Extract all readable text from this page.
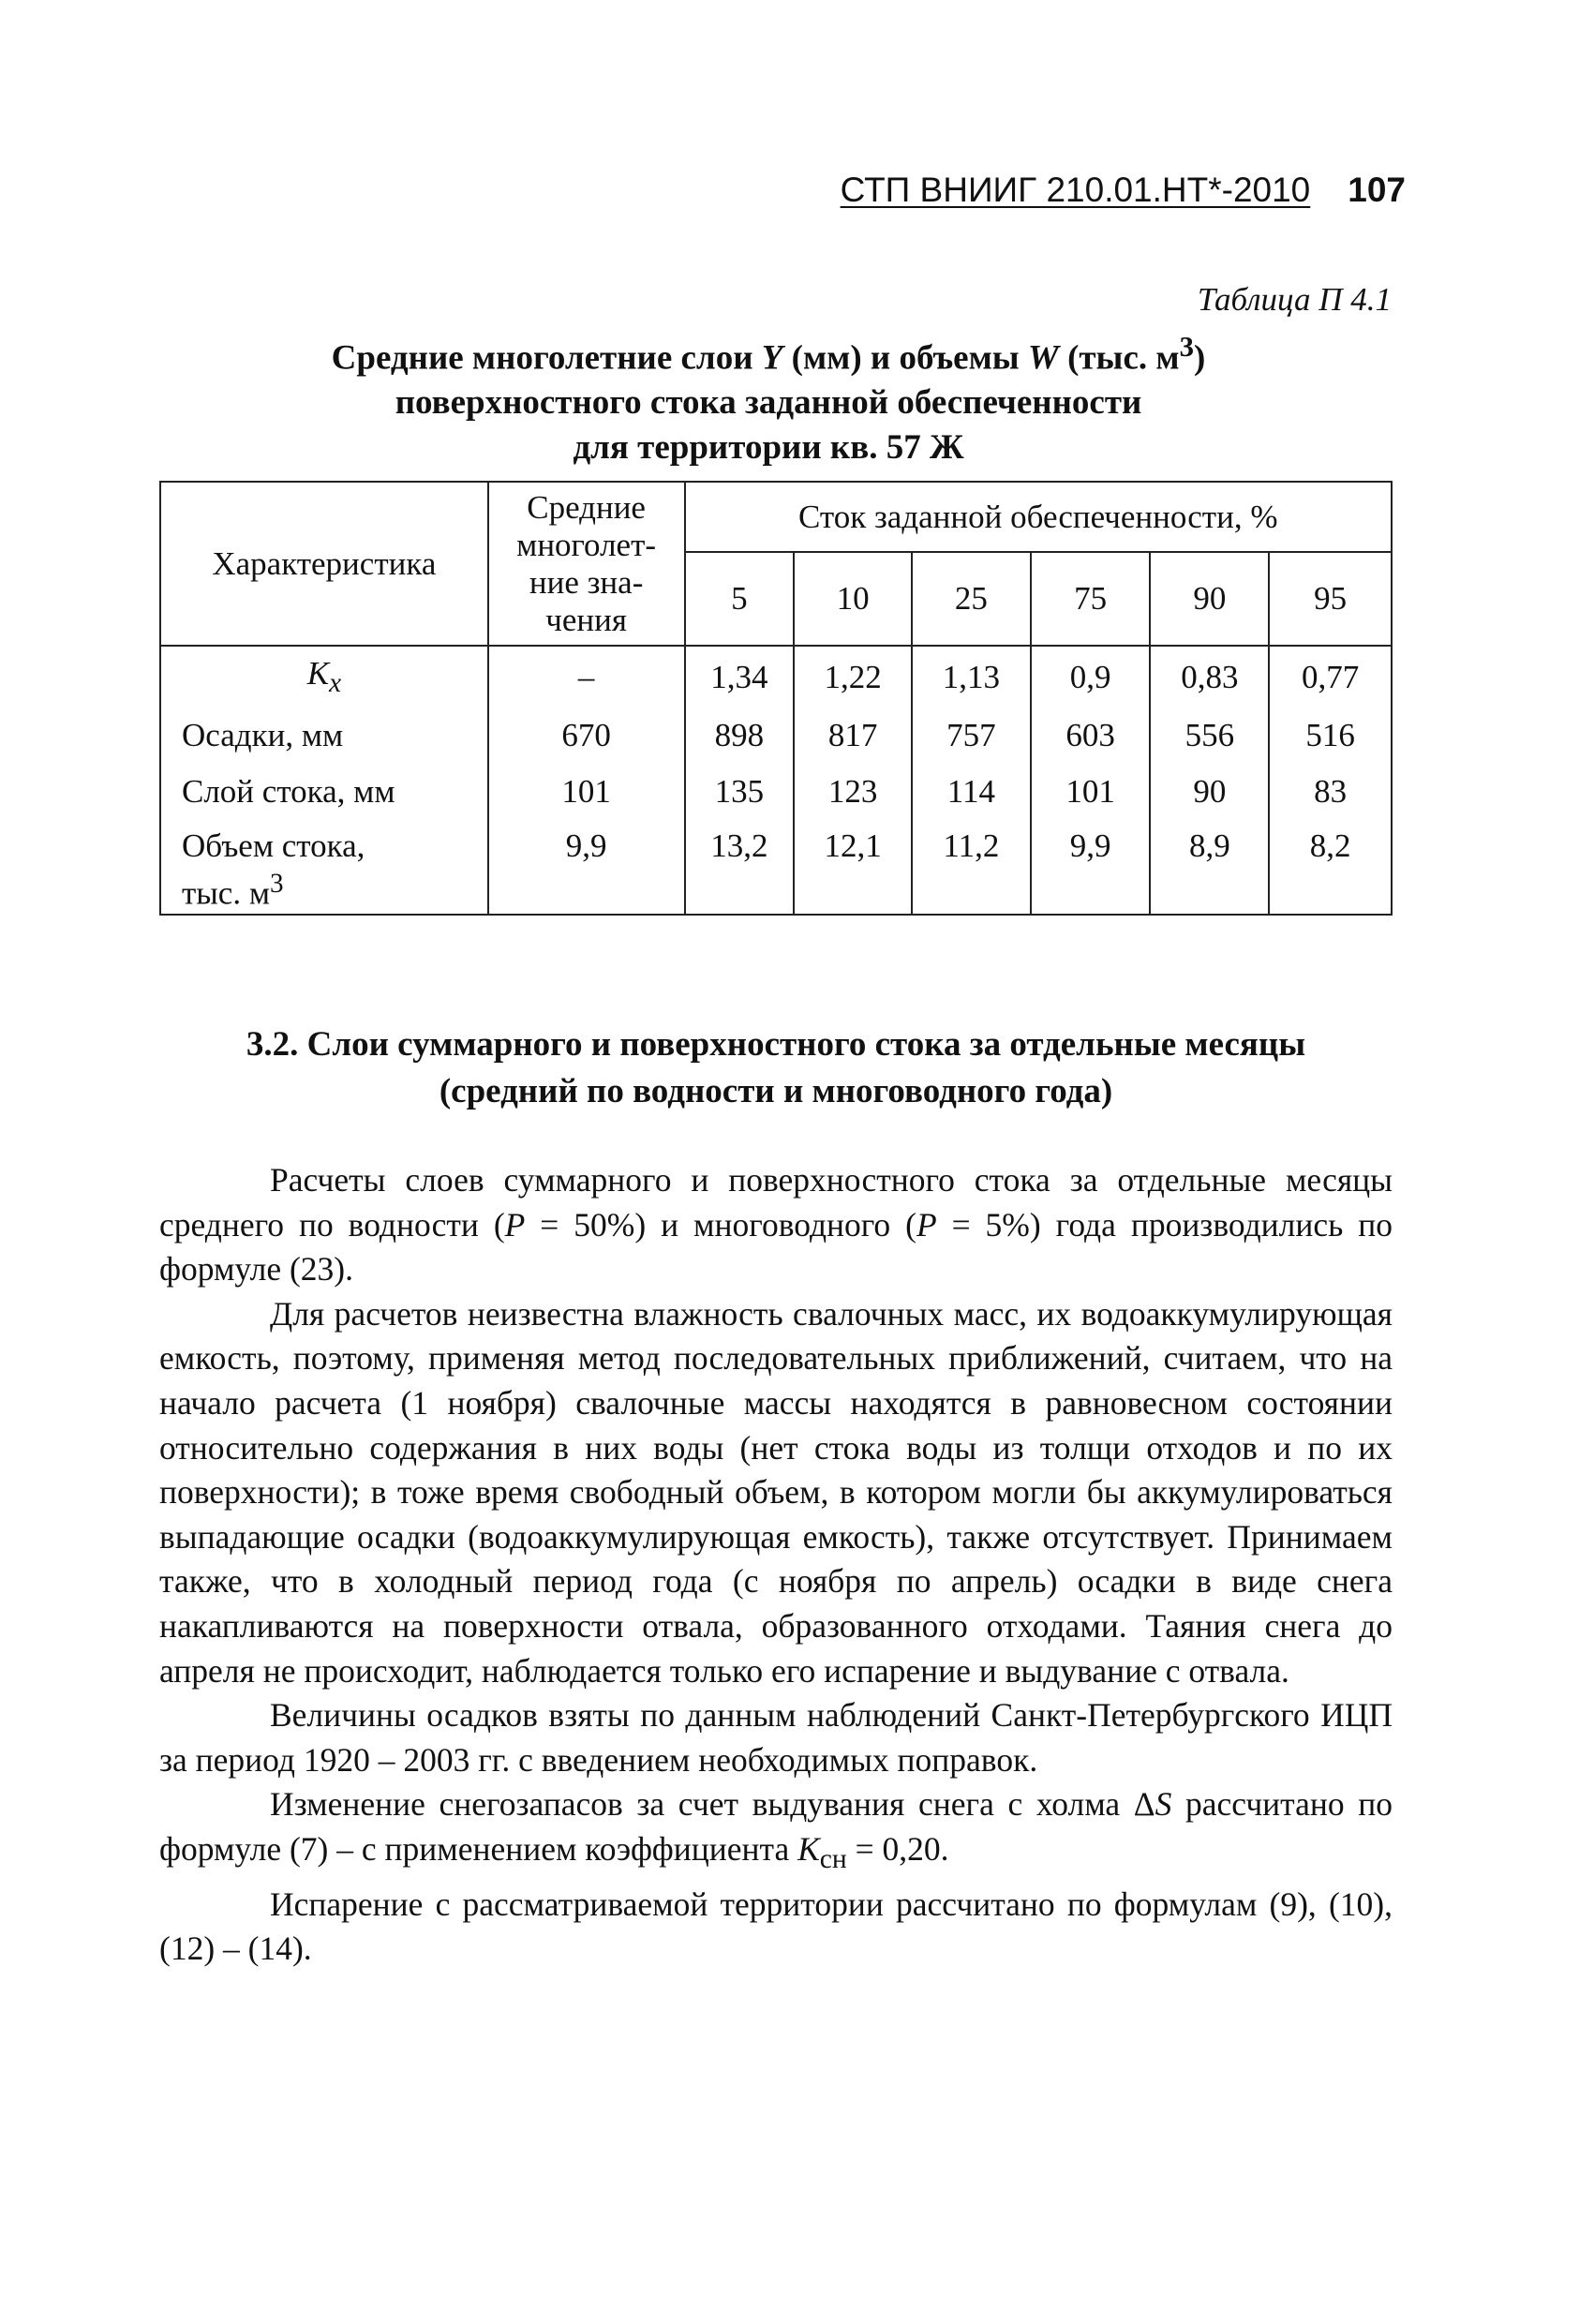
СТП ВНИИГ 210.01.НТ*-2010 107
Таблица П 4.1
Средние многолетние слои Y (мм) и объемы W (тыс. $м^3$)
поверхностного стока заданной обеспеченности
для территории кв. 57 Ж
Характеристика	Средние многолет-ние зна-чения	Сток заданной обеспеченности, %					
		5	10	25	75	90	95
$K_x$	–	1,34	1,22	1,13	0,9	0,83	0,77
Осадки, мм	670	898	817	757	603	556	516
Слой стока, мм	101	135	123	114	101	90	83

Объем стока, тыс. $м^3$	9,9	13,2	12,1	11,2	9,9	8,9	8,2
3.2. Слои суммарного и поверхностного стока за отдельные месяцы
(средний по водности и многоводного года)

Расчеты слоев суммарного и поверхностного стока за отдельные месяцы среднего по водности (P = 50%) и многоводного (P = 5%) года производились по формуле (23).

Для расчетов неизвестна влажность свалочных масс, их водоаккумулирующая емкость, поэтому, применяя метод последовательных приближений, считаем, что на начало расчета (1 ноября) свалочные массы находятся в равновесном состоянии относительно содержания в них воды (нет стока воды из толщи отходов и по их поверхности); в тоже время свободный объем, в котором могли бы аккумулироваться выпадающие осадки (водоаккумулирующая емкость), также отсутствует. Принимаем также, что в холодный период года (с ноября по апрель) осадки в виде снега накапливаются на поверхности отвала, образованного отходами. Таяния снега до апреля не происходит, наблюдается только его испарение и выдувание с отвала.

Величины осадков взяты по данным наблюдений Санкт-Петербургского ИЦП за период 1920 – 2003 гг. с введением необходимых поправок.

Изменение снегозапасов за счет выдувания снега с холма ΔS рассчитано по формуле (7) – с применением коэффициента $K_{сн} = 0,20$.

Испарение с рассматриваемой территории рассчитано по формулам (9), (10), (12) – (14).
